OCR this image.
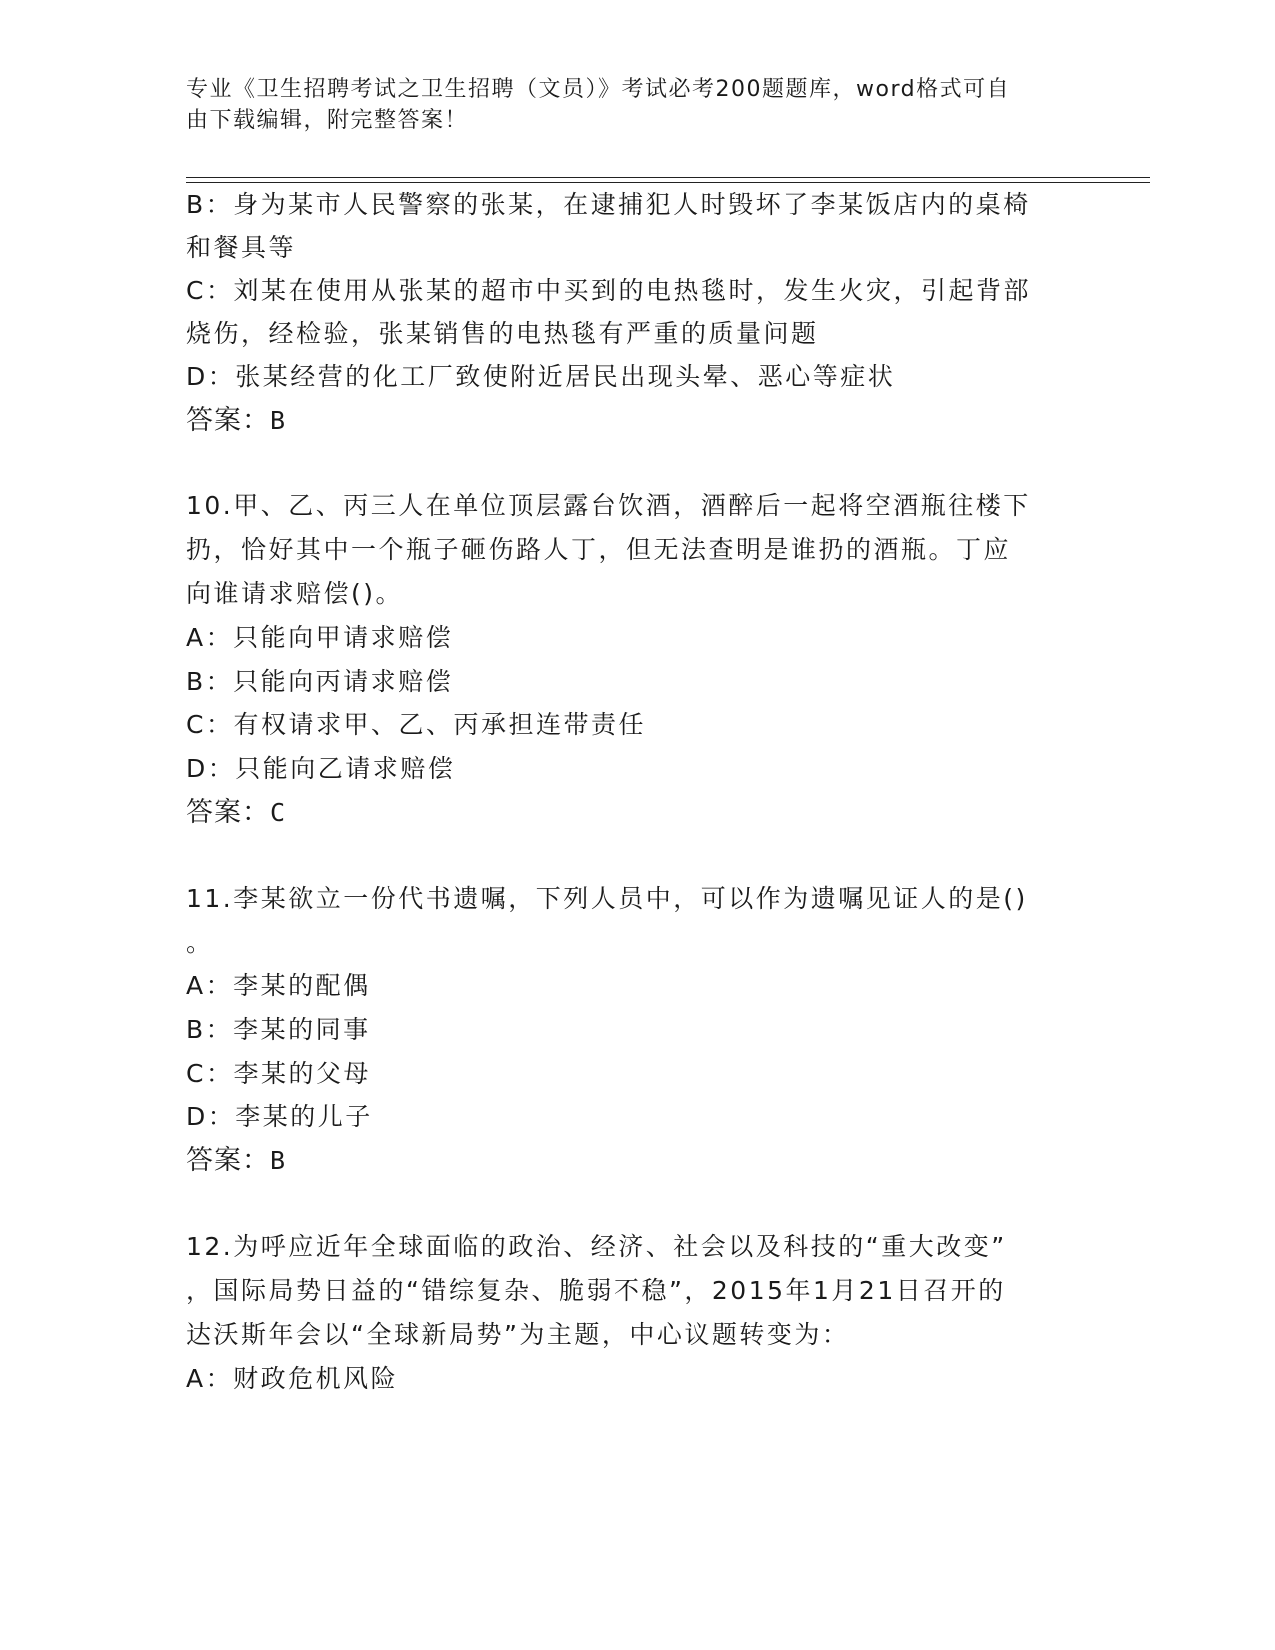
专业《卫生招聘考试之卫生招聘（文员）》考试必考200题题库，word格式可自
由下载编辑，附完整答案！
B：身为某市人民警察的张某，在逮捕犯人时毁坏了李某饭店内的桌椅
和餐具等
C：刘某在使用从张某的超市中买到的电热毯时，发生火灾，引起背部
烧伤，经检验，张某销售的电热毯有严重的质量问题
D：张某经营的化工厂致使附近居民出现头晕、恶心等症状
答案：B
10.甲、乙、丙三人在单位顶层露台饮酒，酒醉后一起将空酒瓶往楼下
扔，恰好其中一个瓶子砸伤路人丁，但无法查明是谁扔的酒瓶。丁应
向谁请求赔偿()。
A：只能向甲请求赔偿
B：只能向丙请求赔偿
C：有权请求甲、乙、丙承担连带责任
D：只能向乙请求赔偿
答案：C
11.李某欲立一份代书遗嘱，下列人员中，可以作为遗嘱见证人的是()
。
A：李某的配偶
B：李某的同事
C：李某的父母
D：李某的儿子
答案：B
12.为呼应近年全球面临的政治、经济、社会以及科技的“重大改变”
，国际局势日益的“错综复杂、脆弱不稳”，2015年1月21日召开的
达沃斯年会以“全球新局势”为主题，中心议题转变为：
A：财政危机风险
